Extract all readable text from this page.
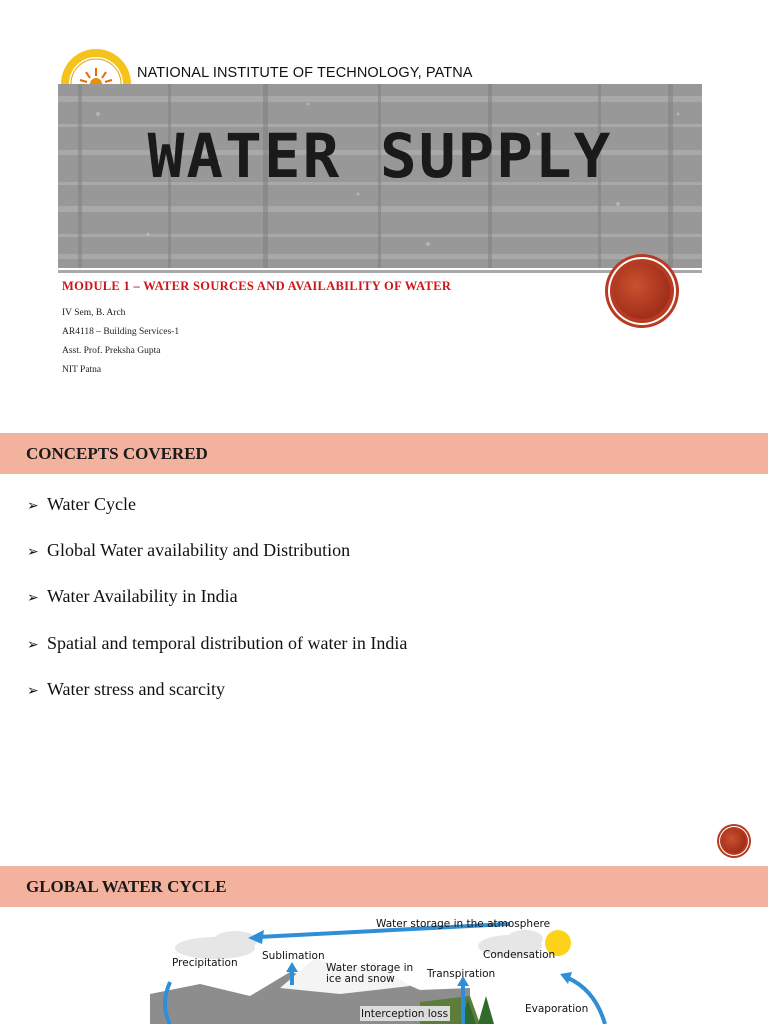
NATIONAL INSTITUTE OF TECHNOLOGY, PATNA
WATER SUPPLY
MODULE 1 – WATER SOURCES AND AVAILABILITY OF WATER
IV Sem, B. Arch
AR4118 – Building Services-1
Asst. Prof. Preksha Gupta
NIT Patna
CONCEPTS COVERED
➢ Water Cycle
➢ Global Water availability and Distribution
➢ Water Availability in India
➢ Spatial and temporal distribution of water in India
➢ Water stress and scarcity
GLOBAL WATER CYCLE
Water storage in the atmosphere
Precipitation
Sublimation
Water storage in ice and snow
Condensation
Transpiration
Evaporation
Interception loss
